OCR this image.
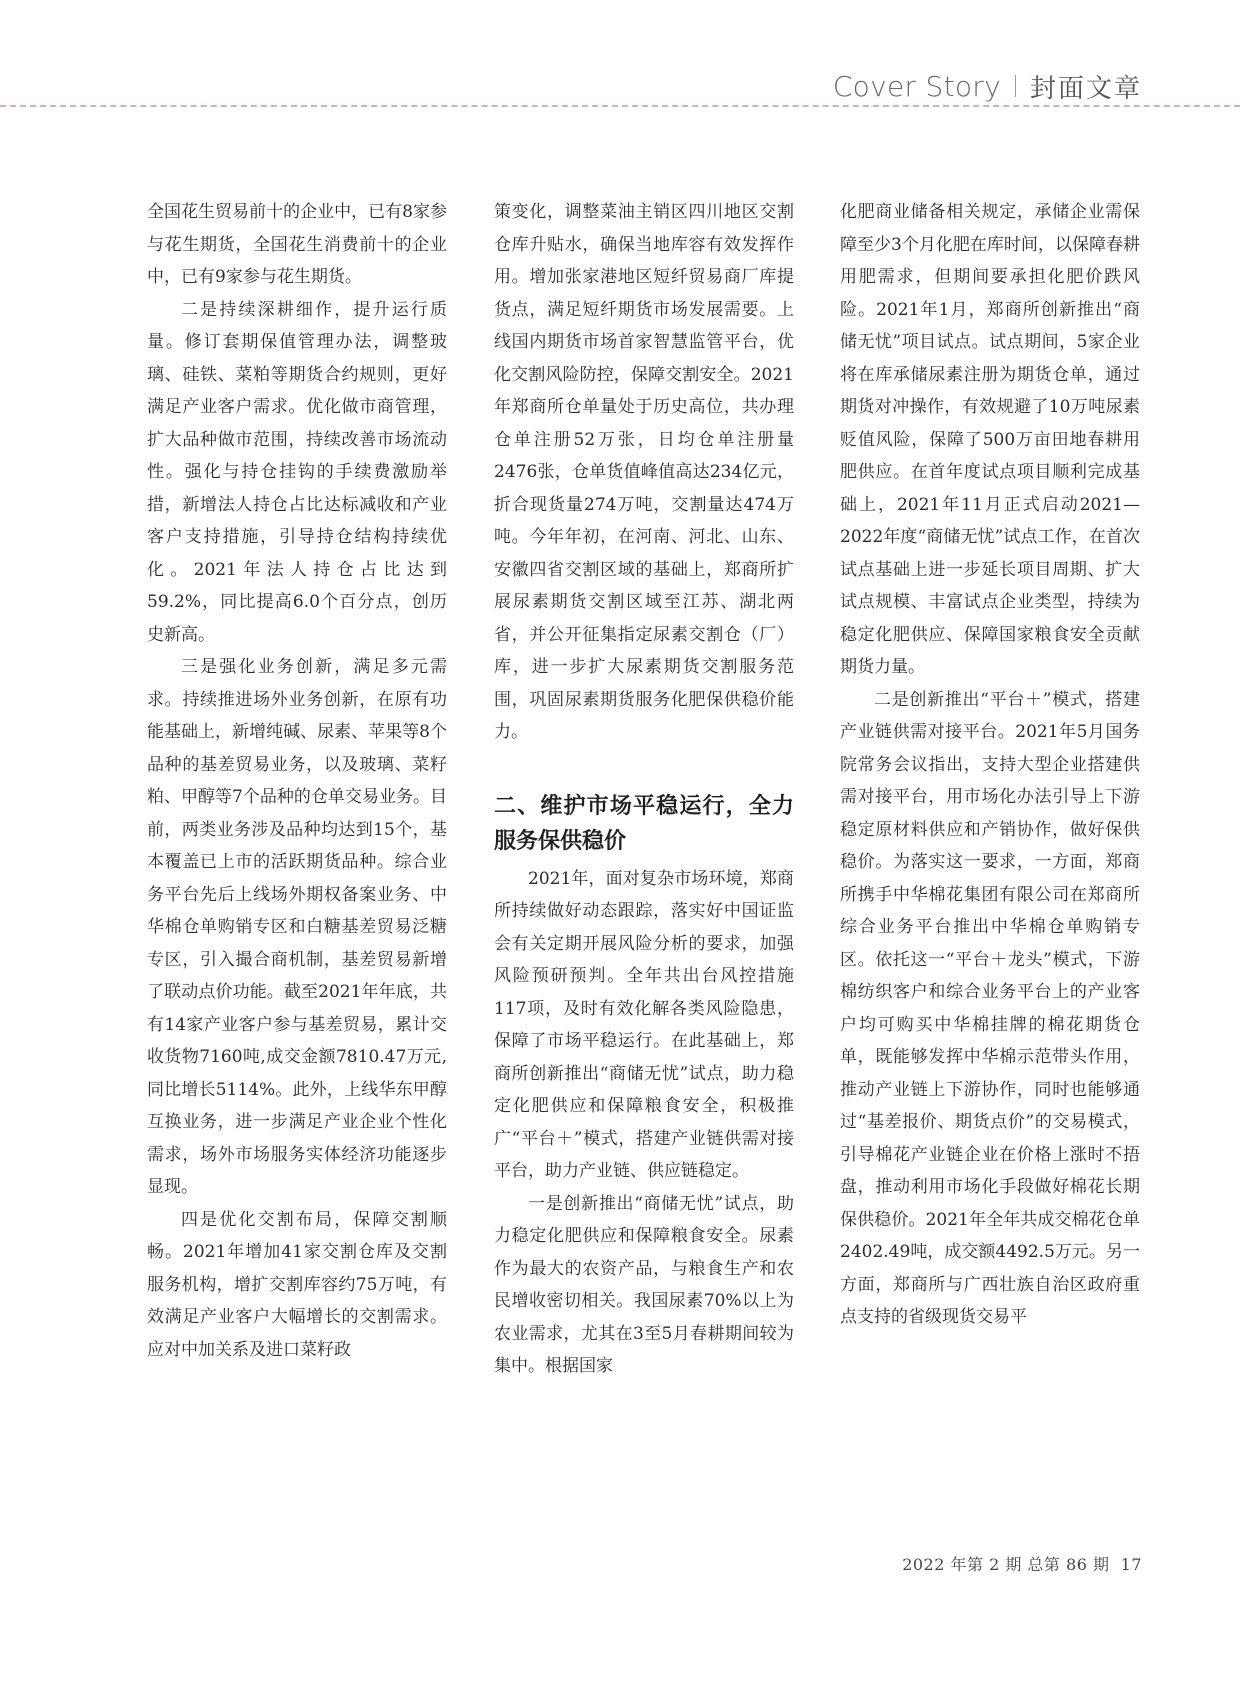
Cover Story 封面文章

全国花生贸易前十的企业中，已有8家参与花生期货，全国花生消费前十的企业中，已有9家参与花生期货。

二是持续深耕细作，提升运行质量。修订套期保值管理办法，调整玻璃、硅铁、菜粕等期货合约规则，更好满足产业客户需求。优化做市商管理，扩大品种做市范围，持续改善市场流动性。强化与持仓挂钩的手续费激励举措，新增法人持仓占比达标减收和产业客户支持措施，引导持仓结构持续优化。2021年法人持仓占比达到59.2%，同比提高6.0个百分点，创历史新高。

三是强化业务创新，满足多元需求。持续推进场外业务创新，在原有功能基础上，新增纯碱、尿素、苹果等8个品种的基差贸易业务，以及玻璃、菜籽粕、甲醇等7个品种的仓单交易业务。目前，两类业务涉及品种均达到15个，基本覆盖已上市的活跃期货品种。综合业务平台先后上线场外期权备案业务、中华棉仓单购销专区和白糖基差贸易泛糖专区，引入撮合商机制，基差贸易新增了联动点价功能。截至2021年年底，共有14家产业客户参与基差贸易，累计交收货物7160吨,成交金额7810.47万元,同比增长5114%。此外，上线华东甲醇互换业务，进一步满足产业企业个性化需求，场外市场服务实体经济功能逐步显现。

四是优化交割布局，保障交割顺畅。2021年增加41家交割仓库及交割服务机构，增扩交割库容约75万吨，有效满足产业客户大幅增长的交割需求。应对中加关系及进口菜籽政

策变化，调整菜油主销区四川地区交割仓库升贴水，确保当地库容有效发挥作用。增加张家港地区短纤贸易商厂库提货点，满足短纤期货市场发展需要。上线国内期货市场首家智慧监管平台，优化交割风险防控，保障交割安全。2021年郑商所仓单量处于历史高位，共办理仓单注册52万张，日均仓单注册量2476张，仓单货值峰值高达234亿元，折合现货量274万吨，交割量达474万吨。今年年初，在河南、河北、山东、安徽四省交割区域的基础上，郑商所扩展尿素期货交割区域至江苏、湖北两省，并公开征集指定尿素交割仓（厂）库，进一步扩大尿素期货交割服务范围，巩固尿素期货服务化肥保供稳价能力。

二、维护市场平稳运行，全力服务保供稳价

2021年，面对复杂市场环境，郑商所持续做好动态跟踪，落实好中国证监会有关定期开展风险分析的要求，加强风险预研预判。全年共出台风控措施117项，及时有效化解各类风险隐患，保障了市场平稳运行。在此基础上，郑商所创新推出“商储无忧”试点，助力稳定化肥供应和保障粮食安全，积极推广“平台＋”模式，搭建产业链供需对接平台，助力产业链、供应链稳定。

一是创新推出“商储无忧”试点，助力稳定化肥供应和保障粮食安全。尿素作为最大的农资产品，与粮食生产和农民增收密切相关。我国尿素70%以上为农业需求，尤其在3至5月春耕期间较为集中。根据国家

化肥商业储备相关规定，承储企业需保障至少3个月化肥在库时间，以保障春耕用肥需求，但期间要承担化肥价跌风险。2021年1月，郑商所创新推出“商储无忧”项目试点。试点期间，5家企业将在库承储尿素注册为期货仓单，通过期货对冲操作，有效规避了10万吨尿素贬值风险，保障了500万亩田地春耕用肥供应。在首年度试点项目顺利完成基础上，2021年11月正式启动2021—2022年度“商储无忧”试点工作，在首次试点基础上进一步延长项目周期、扩大试点规模、丰富试点企业类型，持续为稳定化肥供应、保障国家粮食安全贡献期货力量。

二是创新推出“平台＋”模式，搭建产业链供需对接平台。2021年5月国务院常务会议指出，支持大型企业搭建供需对接平台，用市场化办法引导上下游稳定原材料供应和产销协作，做好保供稳价。为落实这一要求，一方面，郑商所携手中华棉花集团有限公司在郑商所综合业务平台推出中华棉仓单购销专区。依托这一“平台＋龙头”模式，下游棉纺织客户和综合业务平台上的产业客户均可购买中华棉挂牌的棉花期货仓单，既能够发挥中华棉示范带头作用，推动产业链上下游协作，同时也能够通过“基差报价、期货点价”的交易模式，引导棉花产业链企业在价格上涨时不捂盘，推动利用市场化手段做好棉花长期保供稳价。2021年全年共成交棉花仓单2402.49吨，成交额4492.5万元。另一方面，郑商所与广西壮族自治区政府重点支持的省级现货交易平

2022 年第 2 期 总第 86 期 17
